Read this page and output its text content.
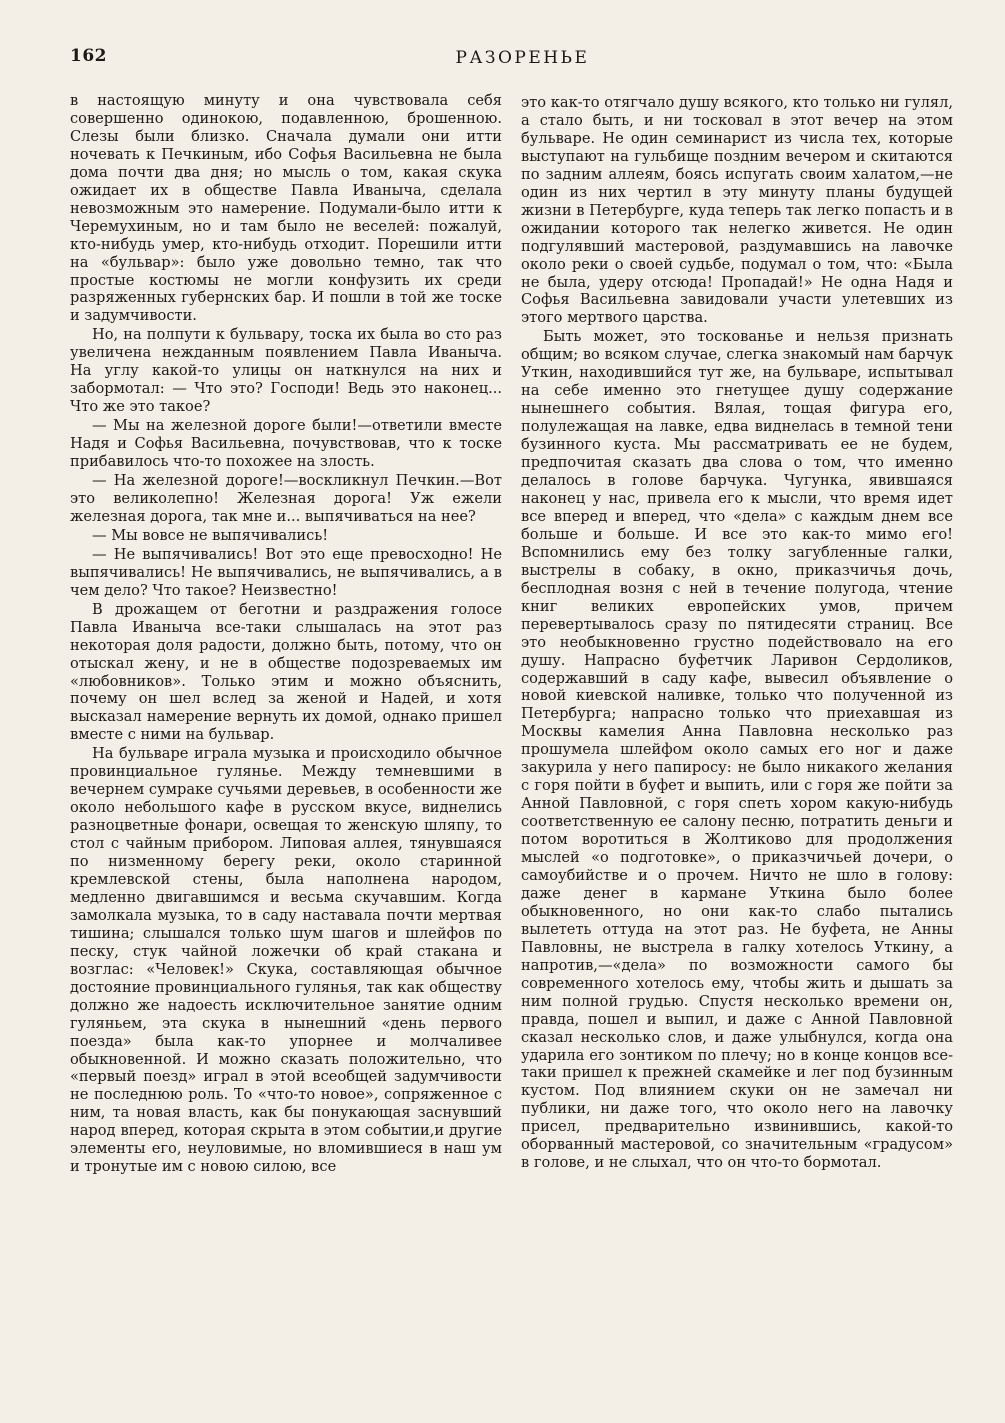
162	РАЗОРЕНЬЕ

в настоящую минуту и она чувствовала себя совершенно одинокою, подавленною, брошенною. Слезы были близко. Сначала думали они итти ночевать к Печкиным, ибо Софья Васильевна не была дома почти два дня; но мысль о том, какая скука ожидает их в обществе Павла Иваныча, сделала невозможным это намерение. Подумали-было итти к Черемухиным, но и там было не веселей: пожалуй, кто-нибудь умер, кто-нибудь отходит. Порешили итти на «бульвар»: было уже довольно темно, так что простые костюмы не могли конфузить их среди разряженных губернских бар. И пошли в той же тоске и задумчивости.

Но, на полпути к бульвару, тоска их была во сто раз увеличена нежданным появлением Павла Иваныча. На углу какой-то улицы он наткнулся на них и забормотал: — Что это? Господи! Ведь это наконец... Что же это такое?

— Мы на железной дороге были!—ответили вместе Надя и Софья Васильевна, почувствовав, что к тоске прибавилось что-то похожее на злость.

— На железной дороге!—воскликнул Печкин.—Вот это великолепно! Железная дорога! Уж ежели железная дорога, так мне и... выпячиваться на нее?

— Мы вовсе не выпячивались!

— Не выпячивались! Вот это еще превосходно! Не выпячивались! Не выпячивались, не выпячивались, а в чем дело? Что такое? Неизвестно!

В дрожащем от беготни и раздражения голосе Павла Иваныча все-таки слышалась на этот раз некоторая доля радости, должно быть, потому, что он отыскал жену, и не в обществе подозреваемых им «любовников». Только этим и можно объяснить, почему он шел вслед за женой и Надей, и хотя высказал намерение вернуть их домой, однако пришел вместе с ними на бульвар.

На бульваре играла музыка и происходило обычное провинциальное гулянье. Между темневшими в вечернем сумраке сучьями деревьев, в особенности же около небольшого кафе в русском вкусе, виднелись разноцветные фонари, освещая то женскую шляпу, то стол с чайным прибором. Липовая аллея, тянувшаяся по низменному берегу реки, около старинной кремлевской стены, была наполнена народом, медленно двигавшимся и весьма скучавшим. Когда замолкала музыка, то в саду наставала почти мертвая тишина; слышался только шум шагов и шлейфов по песку, стук чайной ложечки об край стакана и возглас: «Человек!» Скука, составляющая обычное достояние провинциального гулянья, так как обществу должно же надоесть исключительное занятие одним гуляньем, эта скука в нынешний «день первого поезда» была как-то упорнее и молчаливее обыкновенной. И можно сказать положительно, что «первый поезд» играл в этой всеобщей задумчивости не последнюю роль. То «что-то новое», сопряженное с ним, та новая власть, как бы понукающая заснувший народ вперед, которая скрыта в этом событии,и другие элементы его, неуловимые, но вломившиеся в наш ум и тронутые им с новою силою, все

это как-то отягчало душу всякого, кто только ни гулял, а стало быть, и ни тосковал в этот вечер на этом бульваре. Не один семинарист из числа тех, которые выступают на гульбище поздним вечером и скитаются по задним аллеям, боясь испугать своим халатом,—не один из них чертил в эту минуту планы будущей жизни в Петербурге, куда теперь так легко попасть и в ожидании которого так нелегко живется. Не один подгулявший мастеровой, раздумавшись на лавочке около реки о своей судьбе, подумал о том, что: «Была не была, удеру отсюда! Пропадай!» Не одна Надя и Софья Васильевна завидовали участи улетевших из этого мертвого царства.

Быть может, это тоскованье и нельзя признать общим; во всяком случае, слегка знакомый нам барчук Уткин, находившийся тут же, на бульваре, испытывал на себе именно это гнетущее душу содержание нынешнего события. Вялая, тощая фигура его, полулежащая на лавке, едва виднелась в темной тени бузинного куста. Мы рассматривать ее не будем, предпочитая сказать два слова о том, что именно делалось в голове барчука. Чугунка, явившаяся наконец у нас, привела его к мысли, что время идет все вперед и вперед, что «дела» с каждым днем все больше и больше. И все это как-то мимо его! Вспомнились ему без толку загубленные галки, выстрелы в собаку, в окно, приказчичья дочь, бесплодная возня с ней в течение полугода, чтение книг великих европейских умов, причем перевертывалось сразу по пятидесяти страниц. Все это необыкновенно грустно подействовало на его душу. Напрасно буфетчик Ларивон Сердоликов, содержавший в саду кафе, вывесил объявление о новой киевской наливке, только что полученной из Петербурга; напрасно только что приехавшая из Москвы камелия Анна Павловна несколько раз прошумела шлейфом около самых его ног и даже закурила у него папиросу: не было никакого желания с горя пойти в буфет и выпить, или с горя же пойти за Анной Павловной, с горя спеть хором какую-нибудь соответственную ее салону песню, потратить деньги и потом воротиться в Жолтиково для продолжения мыслей «о подготовке», о приказчичьей дочери, о самоубийстве и о прочем. Ничто не шло в голову: даже денег в кармане Уткина было более обыкновенного, но они как-то слабо пытались вылететь оттуда на этот раз. Не буфета, не Анны Павловны, не выстрела в галку хотелось Уткину, а напротив,—«дела» по возможности самого бы современного хотелось ему, чтобы жить и дышать за ним полной грудью. Спустя несколько времени он, правда, пошел и выпил, и даже с Анной Павловной сказал несколько слов, и даже улыбнулся, когда она ударила его зонтиком по плечу; но в конце концов все-таки пришел к прежней скамейке и лег под бузинным кустом. Под влиянием скуки он не замечал ни публики, ни даже того, что около него на лавочку присел, предварительно извинившись, какой-то оборванный мастеровой, со значительным «градусом» в голове, и не слыхал, что он что-то бормотал.
